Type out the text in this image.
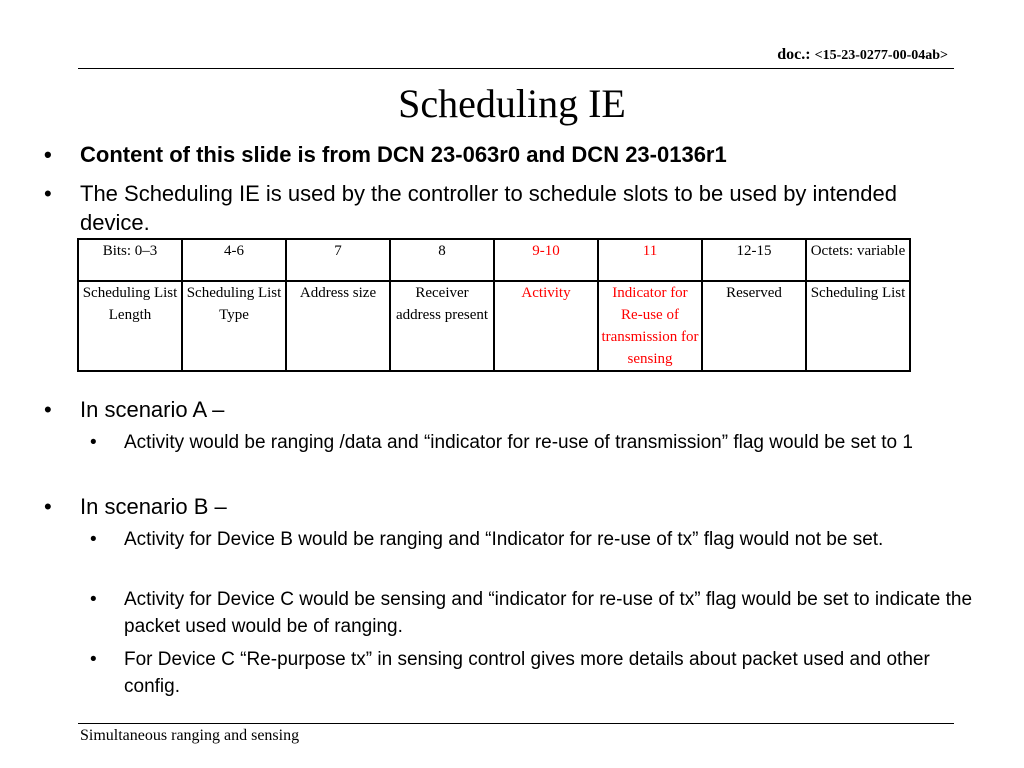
doc.: <15-23-0277-00-04ab>
Scheduling IE
• Content of this slide is from DCN 23-063r0 and DCN 23-0136r1
• The Scheduling IE is used by the controller to schedule slots to be used by intended device.
Bits: 0–3	4-6	7	8	9-10	11	12-15	Octets: variable
Scheduling List Length	Scheduling List Type	Address size	Receiver address present	Activity	Indicator for Re-use of transmission for sensing	Reserved	Scheduling List
• In scenario A –
• Activity would be ranging /data and “indicator for re-use of transmission” flag would be set to 1
• In scenario B –
• Activity for Device B would be ranging and “Indicator for re-use of tx” flag would not be set.
• Activity for Device C would be sensing and “indicator for re-use of tx” flag would be set to indicate the packet used would be of ranging.
• For Device C “Re-purpose tx” in sensing control gives more details about packet used and other config.
Simultaneous ranging and sensing
